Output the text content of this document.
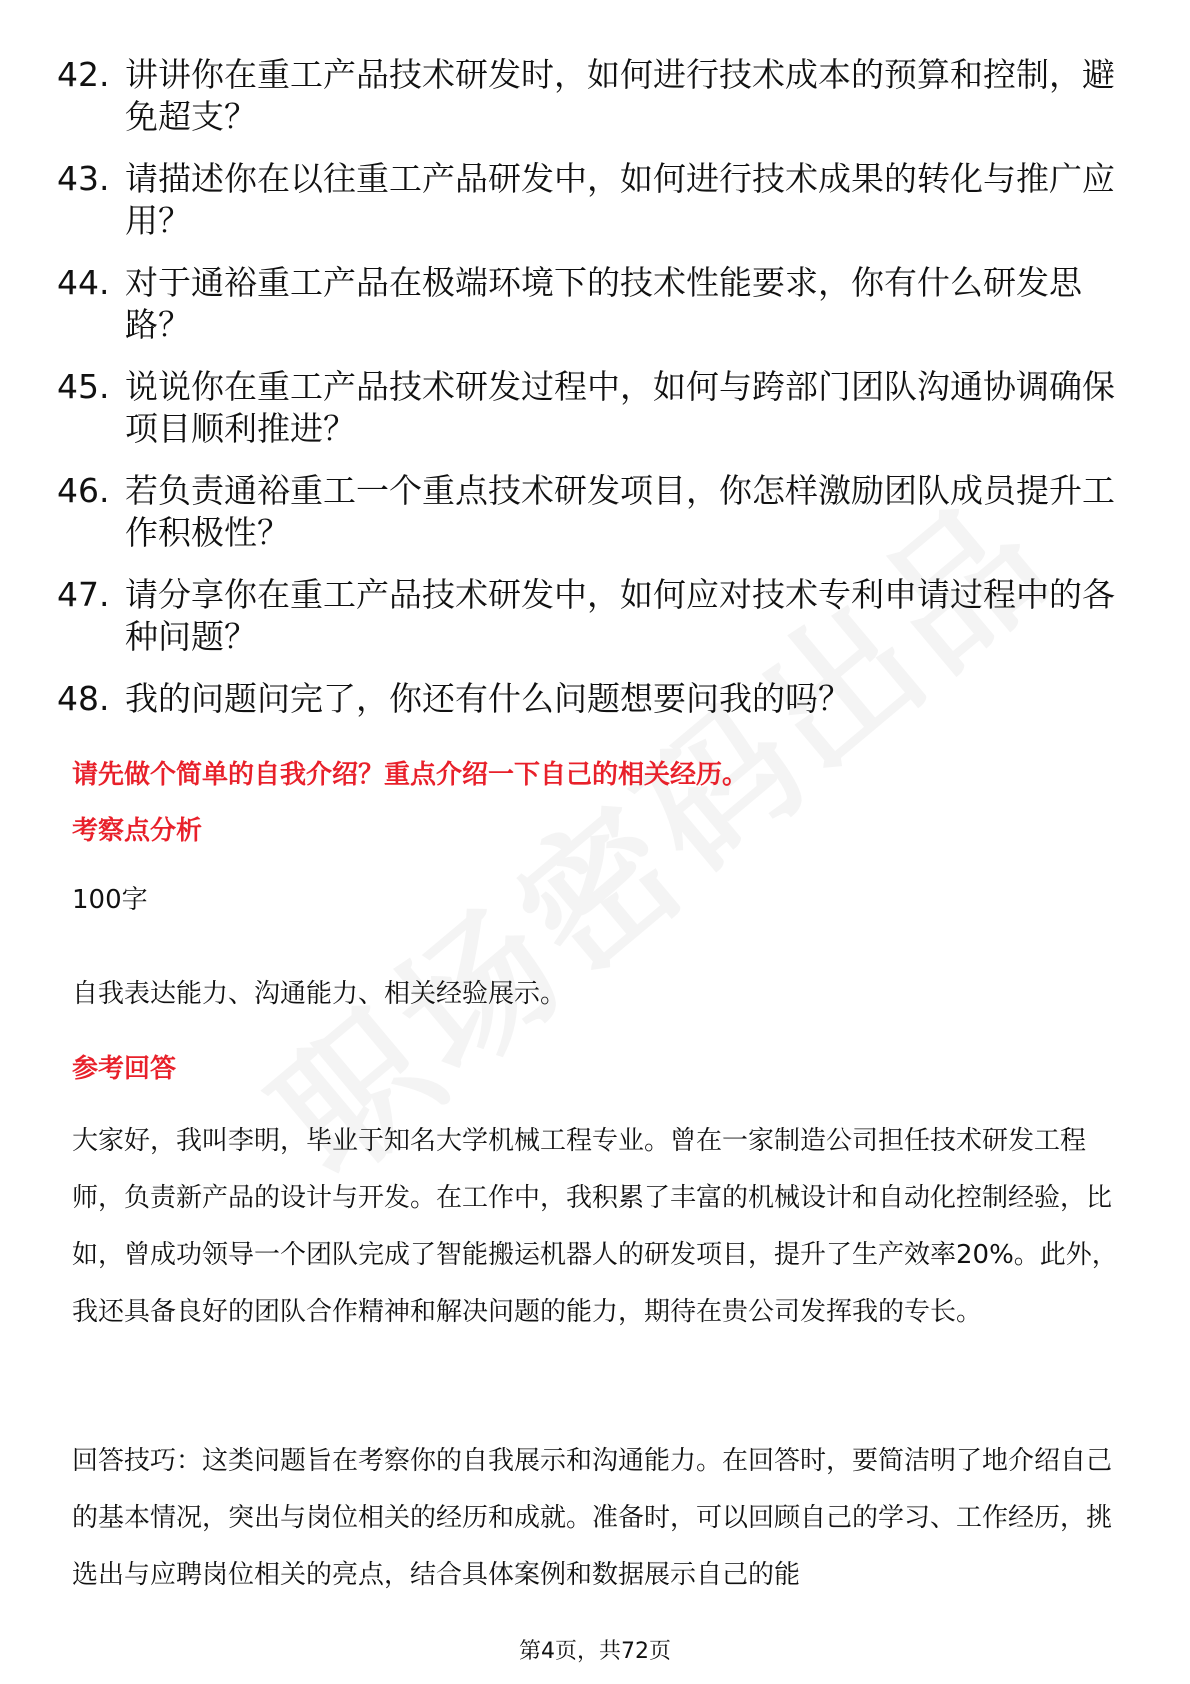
42. 讲讲你在重工产品技术研发时，如何进行技术成本的预算和控制，避免超支？
43. 请描述你在以往重工产品研发中，如何进行技术成果的转化与推广应用？
44. 对于通裕重工产品在极端环境下的技术性能要求，你有什么研发思路？
45. 说说你在重工产品技术研发过程中，如何与跨部门团队沟通协调确保项目顺利推进？
46. 若负责通裕重工一个重点技术研发项目，你怎样激励团队成员提升工作积极性？
47. 请分享你在重工产品技术研发中，如何应对技术专利申请过程中的各种问题？
48. 我的问题问完了，你还有什么问题想要问我的吗？
请先做个简单的自我介绍？重点介绍一下自己的相关经历。
考察点分析
100字
自我表达能力、沟通能力、相关经验展示。
参考回答
大家好，我叫李明，毕业于知名大学机械工程专业。曾在一家制造公司担任技术研发工程师，负责新产品的设计与开发。在工作中，我积累了丰富的机械设计和自动化控制经验，比如，曾成功领导一个团队完成了智能搬运机器人的研发项目，提升了生产效率20%。此外，我还具备良好的团队合作精神和解决问题的能力，期待在贵公司发挥我的专长。
回答技巧：这类问题旨在考察你的自我展示和沟通能力。在回答时，要简洁明了地介绍自己的基本情况，突出与岗位相关的经历和成就。准备时，可以回顾自己的学习、工作经历，挑选出与应聘岗位相关的亮点，结合具体案例和数据展示自己的能
第4页，共72页
